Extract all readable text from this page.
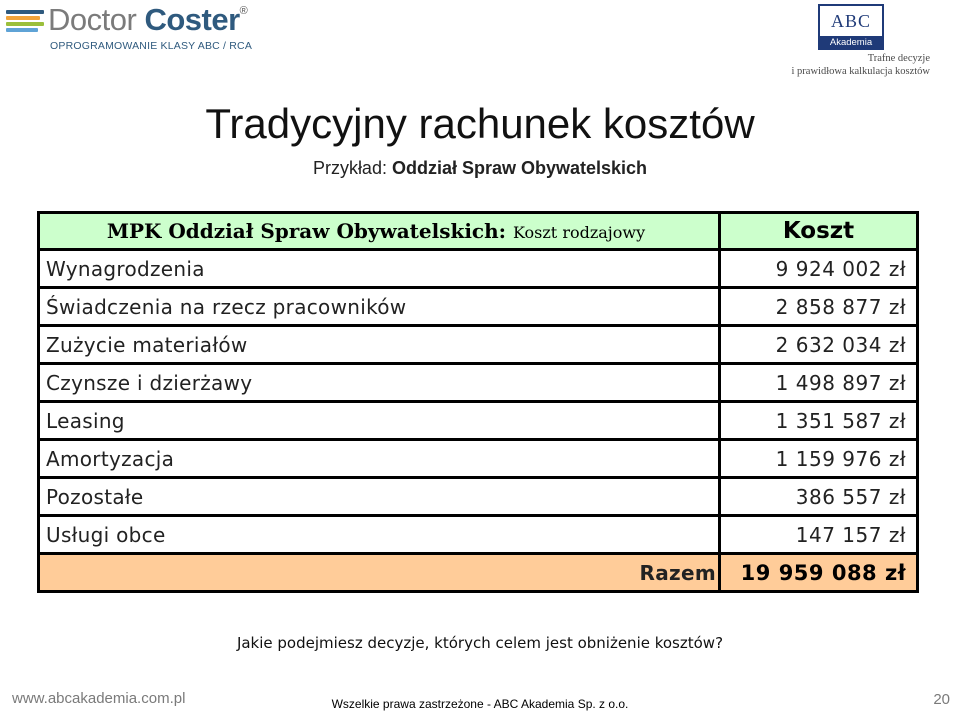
Doctor Coster®
OPROGRAMOWANIE KLASY ABC / RCA
ABC
Akademia
Trafne decyzje
i prawidłowa kalkulacja kosztów
Tradycyjny rachunek kosztów
Przykład: Oddział Spraw Obywatelskich
MPK Oddział Spraw Obywatelskich: Koszt rodzajowy	Koszt
Wynagrodzenia	9 924 002 zł
Świadczenia na rzecz pracowników	2 858 877 zł
Zużycie materiałów	2 632 034 zł
Czynsze i dzierżawy	1 498 897 zł
Leasing	1 351 587 zł
Amortyzacja	1 159 976 zł
Pozostałe	386 557 zł
Usługi obce	147 157 zł
Razem	19 959 088 zł
Jakie podejmiesz decyzje, których celem jest obniżenie kosztów?
www.abcakademia.com.pl	Wszelkie prawa zastrzeżone - ABC Akademia Sp. z o.o.	20
